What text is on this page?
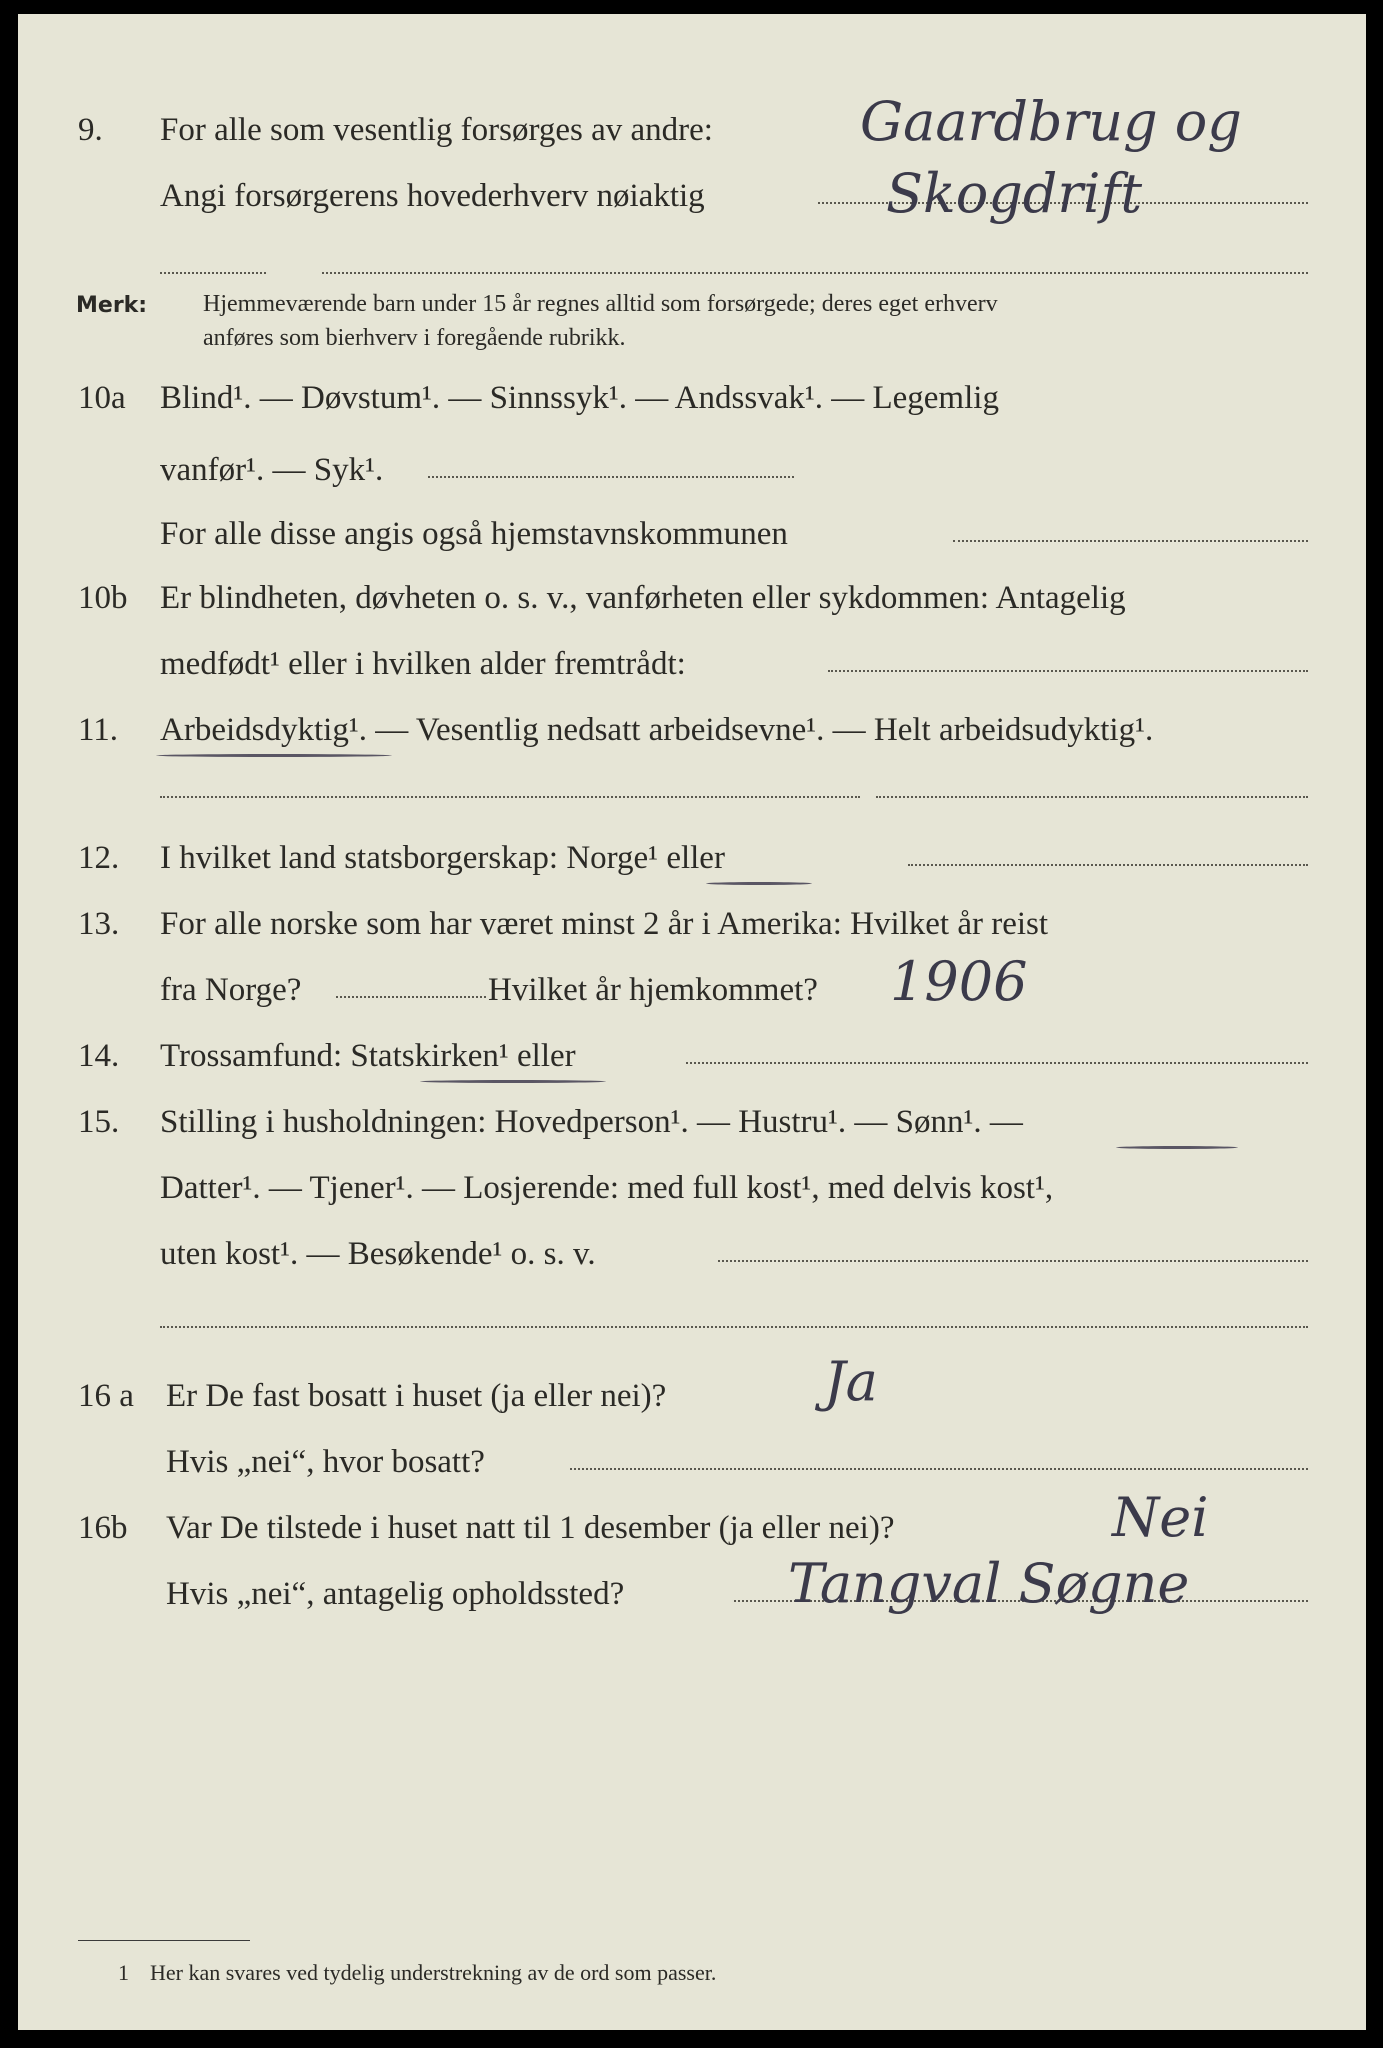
9. For alle som vesentlig forsørges av andre:	Gaardbrug og
Angi forsørgerens hovederhverv nøiaktig	Skogdrift
Merk: Hjemmeværende barn under 15 år regnes alltid som forsørgede; deres eget erhverv
anføres som bierhverv i foregående rubrikk.
10a Blind¹. — Døvstum¹. — Sinnssyk¹. — Andssvak¹. — Legemlig
vanfør¹. — Syk¹.
For alle disse angis også hjemstavnskommunen
10b Er blindheten, døvheten o. s. v., vanførheten eller sykdommen: Antagelig
medfødt¹ eller i hvilken alder fremtrådt:
11. Arbeidsdyktig¹. — Vesentlig nedsatt arbeidsevne¹. — Helt arbeidsudyktig¹.
12. I hvilket land statsborgerskap: Norge¹ eller
13. For alle norske som har været minst 2 år i Amerika: Hvilket år reist
fra Norge?	Hvilket år hjemkommet? 1906
14. Trossamfund: Statskirken¹ eller
15. Stilling i husholdningen: Hovedperson¹. — Hustru¹. — Sønn¹. —
Datter¹. — Tjener¹. — Losjerende: med full kost¹, med delvis kost¹,
uten kost¹. — Besøkende¹ o. s. v.
16 a Er De fast bosatt i huset (ja eller nei)?	Ja
Hvis „nei“, hvor bosatt?
16b Var De tilstede i huset natt til 1 desember (ja eller nei)?	Nei
Hvis „nei“, antagelig opholdssted?	Tangval Søgne
1 Her kan svares ved tydelig understrekning av de ord som passer.
